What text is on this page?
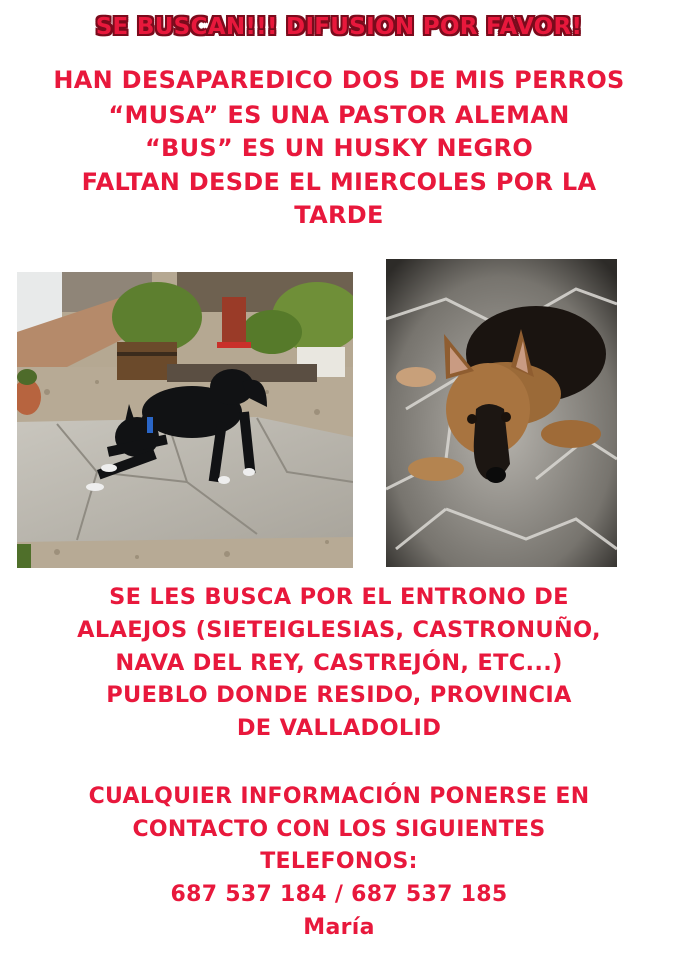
SE BUSCAN!!! DIFUSION POR FAVOR!
HAN DESAPAREDICO DOS DE MIS PERROS
“MUSA” ES UNA PASTOR ALEMAN
“BUS” ES UN HUSKY NEGRO
FALTAN DESDE EL MIERCOLES POR LA
TARDE
SE LES BUSCA POR EL ENTRONO DE
ALAEJOS (SIETEIGLESIAS, CASTRONUÑO,
NAVA DEL REY, CASTREJÓN, ETC...)
PUEBLO DONDE RESIDO, PROVINCIA
DE VALLADOLID
CUALQUIER INFORMACIÓN PONERSE EN
CONTACTO CON LOS SIGUIENTES
TELEFONOS:
687 537 184 / 687 537 185
María
